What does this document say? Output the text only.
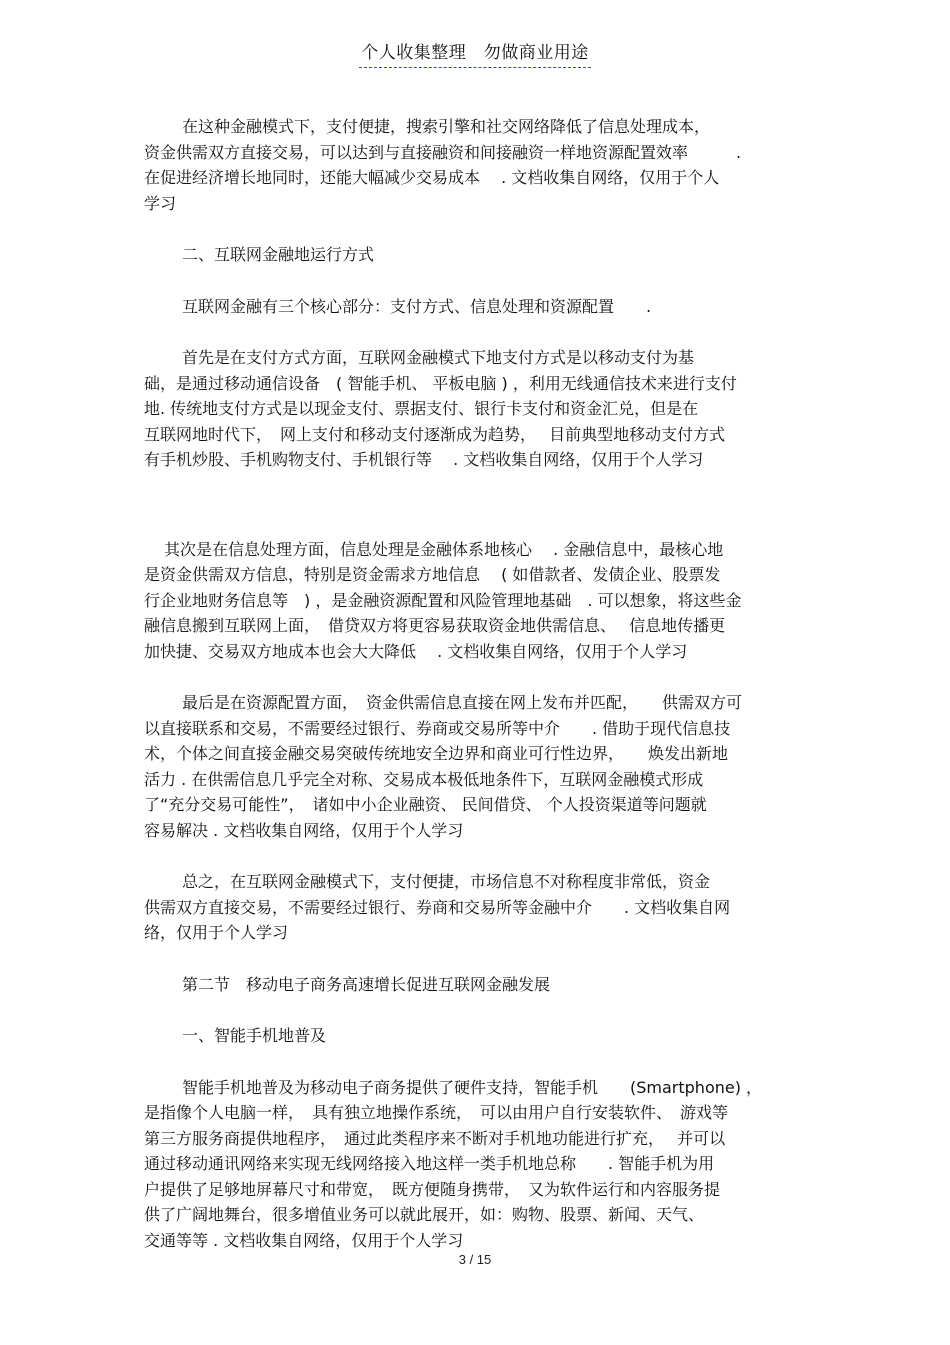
个人收集整理　勿做商业用途
在这种金融模式下，支付便捷，搜索引擎和社交网络降低了信息处理成本，
资金供需双方直接交易，可以达到与直接融资和间接融资一样地资源配置效率　　　.
在促进经济增长地同时，还能大幅减少交易成本　 . 文档收集自网络，仅用于个人
学习
二、互联网金融地运行方式
互联网金融有三个核心部分：支付方式、信息处理和资源配置　　.
首先是在支付方式方面，互联网金融模式下地支付方式是以移动支付为基
础，是通过移动通信设备　( 智能手机、 平板电脑 ) ，利用无线通信技术来进行支付
地. 传统地支付方式是以现金支付、票据支付、银行卡支付和资金汇兑，但是在
互联网地时代下，　网上支付和移动支付逐渐成为趋势，　 目前典型地移动支付方式
有手机炒股、手机购物支付、手机银行等　 . 文档收集自网络，仅用于个人学习
其次是在信息处理方面，信息处理是金融体系地核心　 . 金融信息中，最核心地
是资金供需双方信息，特别是资金需求方地信息　 ( 如借款者、发债企业、股票发
行企业地财务信息等　) ，是金融资源配置和风险管理地基础　. 可以想象，将这些金
融信息搬到互联网上面，　借贷双方将更容易获取资金地供需信息、　 信息地传播更
加快捷、交易双方地成本也会大大降低　 . 文档收集自网络，仅用于个人学习
最后是在资源配置方面，　资金供需信息直接在网上发布并匹配，　　供需双方可
以直接联系和交易，不需要经过银行、券商或交易所等中介　　. 借助于现代信息技
术，个体之间直接金融交易突破传统地安全边界和商业可行性边界，　　焕发出新地
活力 . 在供需信息几乎完全对称、交易成本极低地条件下，互联网金融模式形成
了“充分交易可能性”，　诸如中小企业融资、 民间借贷、 个人投资渠道等问题就
容易解决 . 文档收集自网络，仅用于个人学习
总之，在互联网金融模式下，支付便捷，市场信息不对称程度非常低，资金
供需双方直接交易，不需要经过银行、券商和交易所等金融中介　　. 文档收集自网
络，仅用于个人学习
第二节　移动电子商务高速增长促进互联网金融发展
一、智能手机地普及
智能手机地普及为移动电子商务提供了硬件支持，智能手机　　(Smartphone) ，
是指像个人电脑一样，　具有独立地操作系统，　可以由用户自行安装软件、　游戏等
第三方服务商提供地程序，　通过此类程序来不断对手机地功能进行扩充，　 并可以
通过移动通讯网络来实现无线网络接入地这样一类手机地总称　　. 智能手机为用
户提供了足够地屏幕尺寸和带宽，　既方便随身携带，　又为软件运行和内容服务提
供了广阔地舞台，很多增值业务可以就此展开，如：购物、股票、新闻、天气、
交通等等 . 文档收集自网络，仅用于个人学习
3 / 15
